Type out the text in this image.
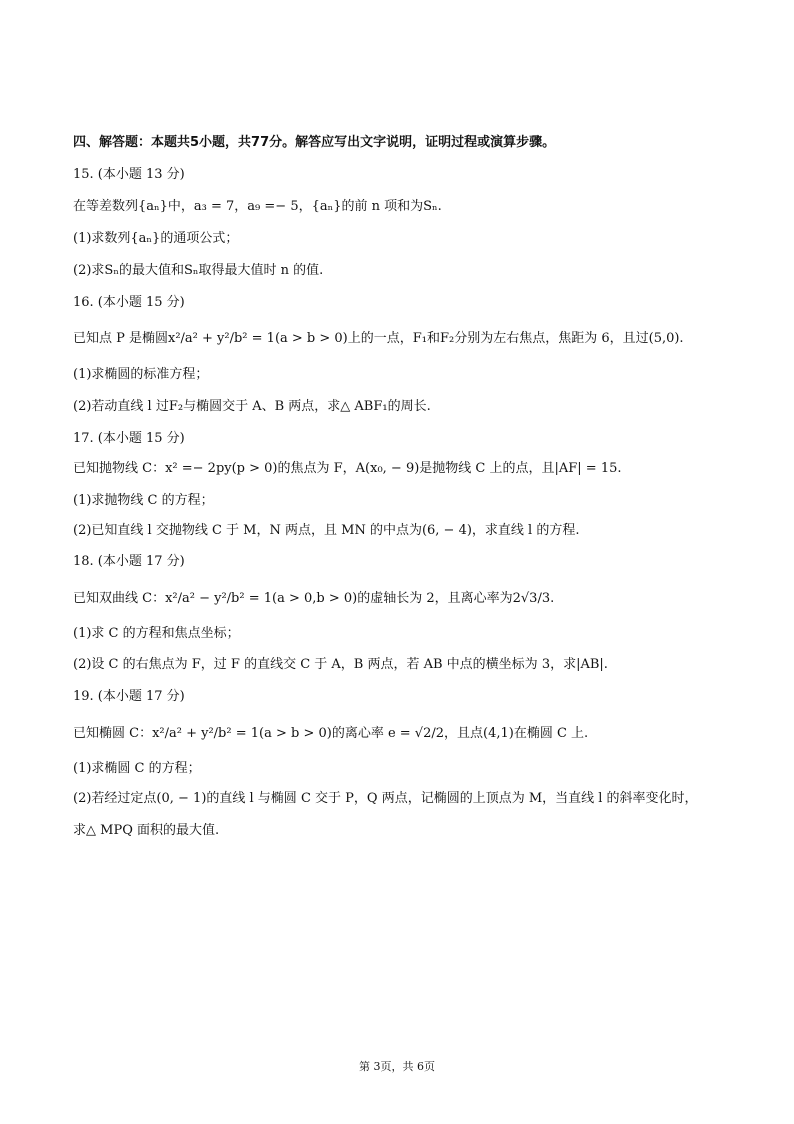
四、解答题：本题共5小题，共77分。解答应写出文字说明，证明过程或演算步骤。
15. (本小题 13 分)
在等差数列{aₙ}中，a₃ = 7，a₉ =− 5，{aₙ}的前 n 项和为Sₙ.
(1)求数列{aₙ}的通项公式；
(2)求Sₙ的最大值和Sₙ取得最大值时 n 的值.
16. (本小题 15 分)
已知点 P 是椭圆x²/a² + y²/b² = 1(a > b > 0)上的一点，F₁和F₂分别为左右焦点，焦距为 6，且过(5,0).
(1)求椭圆的标准方程；
(2)若动直线 l 过F₂与椭圆交于 A、B 两点，求△ ABF₁的周长.
17. (本小题 15 分)
已知抛物线 C：x² =− 2py(p > 0)的焦点为 F，A(x₀, − 9)是抛物线 C 上的点，且|AF| = 15.
(1)求抛物线 C 的方程；
(2)已知直线 l 交抛物线 C 于 M，N 两点，且 MN 的中点为(6, − 4)，求直线 l 的方程.
18. (本小题 17 分)
已知双曲线 C：x²/a² − y²/b² = 1(a > 0,b > 0)的虚轴长为 2，且离心率为2√3/3.
(1)求 C 的方程和焦点坐标；
(2)设 C 的右焦点为 F，过 F 的直线交 C 于 A，B 两点，若 AB 中点的横坐标为 3，求|AB|.
19. (本小题 17 分)
已知椭圆 C：x²/a² + y²/b² = 1(a > b > 0)的离心率 e = √2/2，且点(4,1)在椭圆 C 上.
(1)求椭圆 C 的方程；
(2)若经过定点(0, − 1)的直线 l 与椭圆 C 交于 P，Q 两点，记椭圆的上顶点为 M，当直线 l 的斜率变化时，
求△ MPQ 面积的最大值.
第 3页，共 6页
